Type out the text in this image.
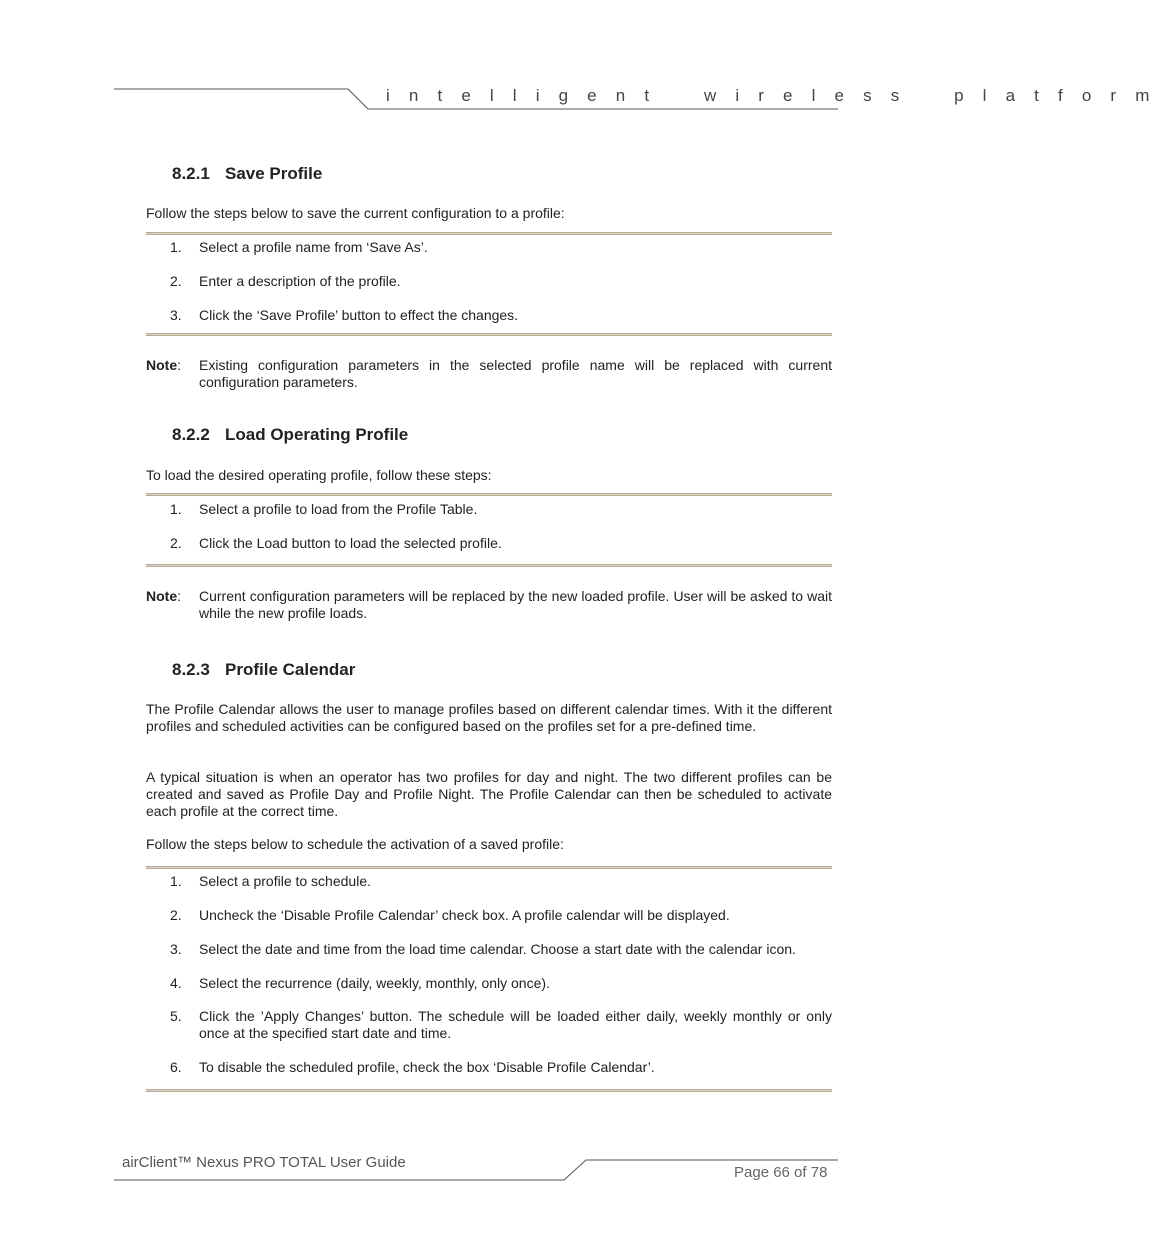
i n t e l l i g e n t    w i r e l e s s    p l a t f o r m
8.2.1 Save Profile
Follow the steps below to save the current configuration to a profile:
1.	Select a profile name from ‘Save As’.
2.	Enter a description of the profile.
3.	Click the ‘Save Profile’ button to effect the changes.
Note: Existing configuration parameters in the selected profile name will be replaced with current configuration parameters.
8.2.2 Load Operating Profile
To load the desired operating profile, follow these steps:
1.	Select a profile to load from the Profile Table.
2.	Click the Load button to load the selected profile.
Note: Current configuration parameters will be replaced by the new loaded profile. User will be asked to wait while the new profile loads.
8.2.3 Profile Calendar
The Profile Calendar allows the user to manage profiles based on different calendar times. With it the different profiles and scheduled activities can be configured based on the profiles set for a pre-defined time.
A typical situation is when an operator has two profiles for day and night. The two different profiles can be created and saved as Profile Day and Profile Night. The Profile Calendar can then be scheduled to activate each profile at the correct time.
Follow the steps below to schedule the activation of a saved profile:
1.	Select a profile to schedule.
2.	Uncheck the ‘Disable Profile Calendar’ check box. A profile calendar will be displayed.
3.	Select the date and time from the load time calendar. Choose a start date with the calendar icon.
4.	Select the recurrence (daily, weekly, monthly, only once).
5.	Click the ’Apply Changes’ button. The schedule will be loaded either daily, weekly monthly or only once at the specified start date and time.
6.	To disable the scheduled profile, check the box ‘Disable Profile Calendar’.
airClient™ Nexus PRO TOTAL User Guide
Page 66 of 78
